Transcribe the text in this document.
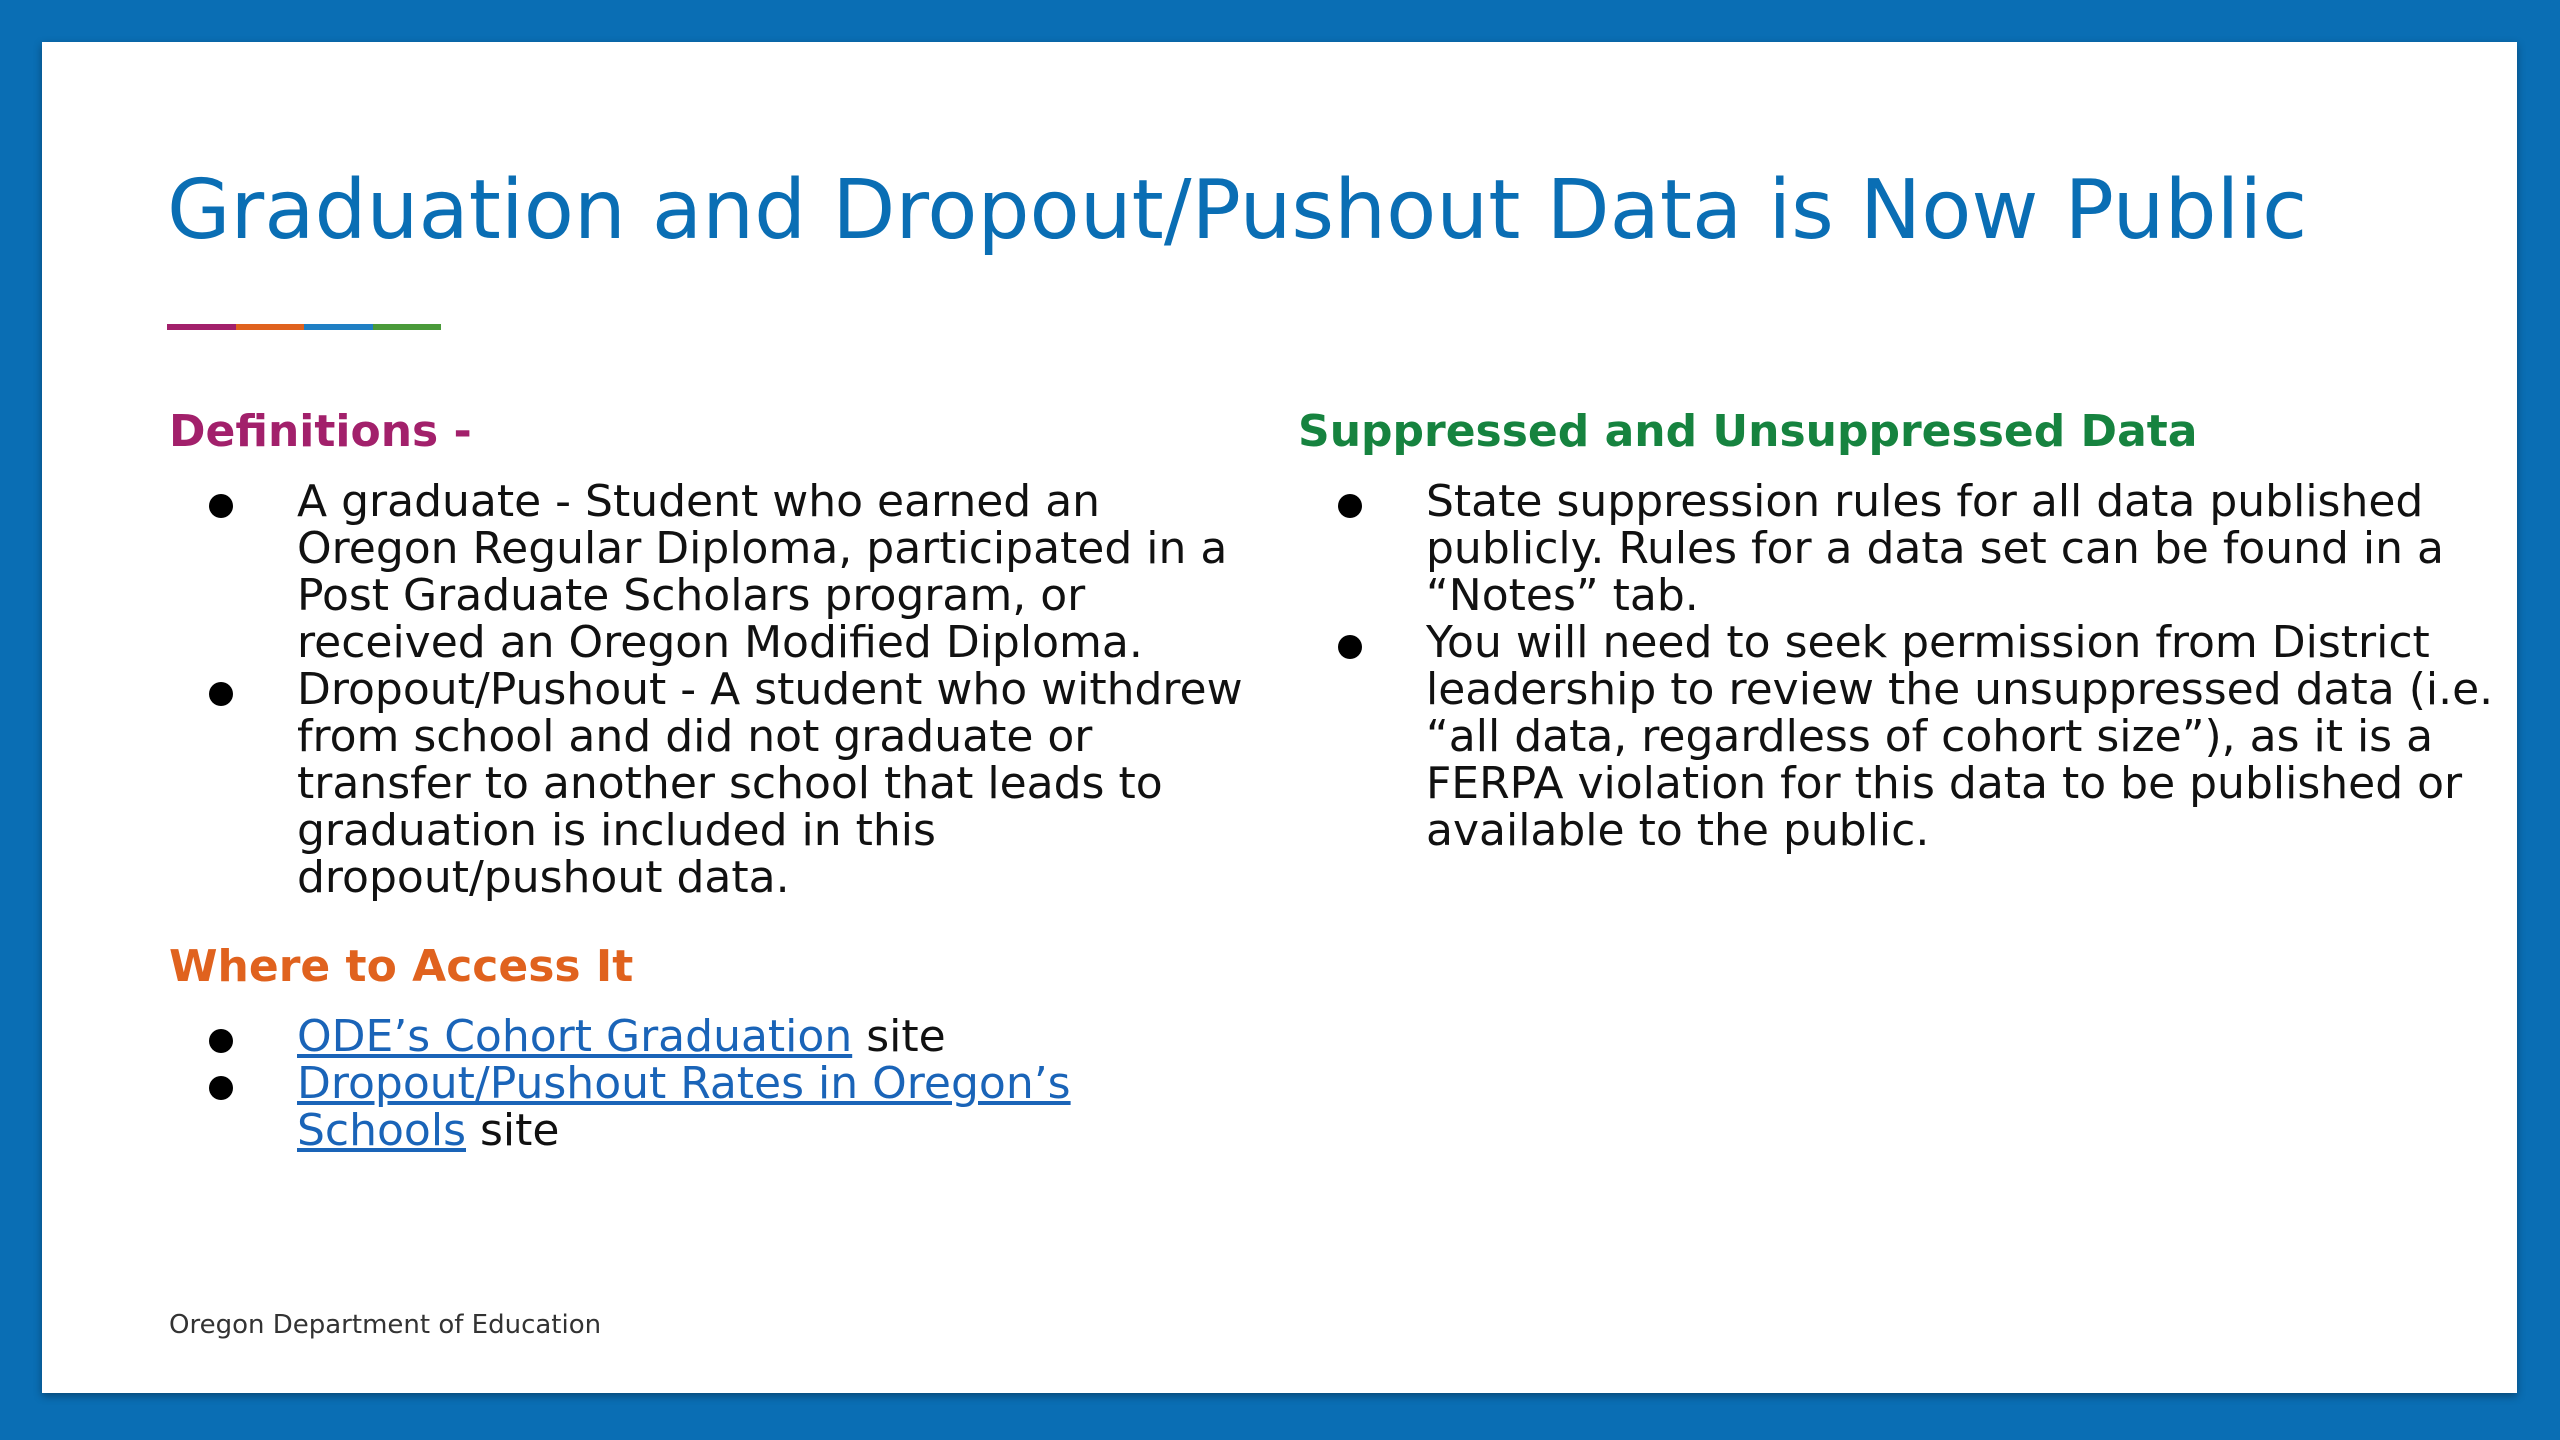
Graduation and Dropout/Pushout Data is Now Public
Definitions -
A graduate - Student who earned an Oregon Regular Diploma, participated in a Post Graduate Scholars program, or received an Oregon Modified Diploma.
Dropout/Pushout - A student who withdrew from school and did not graduate or transfer to another school that leads to graduation is included in this dropout/pushout data.
Where to Access It
ODE’s Cohort Graduation site
Dropout/Pushout Rates in Oregon’s Schools site
Suppressed and Unsuppressed Data
State suppression rules for all data published publicly. Rules for a data set can be found in a “Notes” tab.
You will need to seek permission from District leadership to review the unsuppressed data (i.e. “all data, regardless of cohort size”), as it is a FERPA violation for this data to be published or available to the public.

Oregon Department of Education
